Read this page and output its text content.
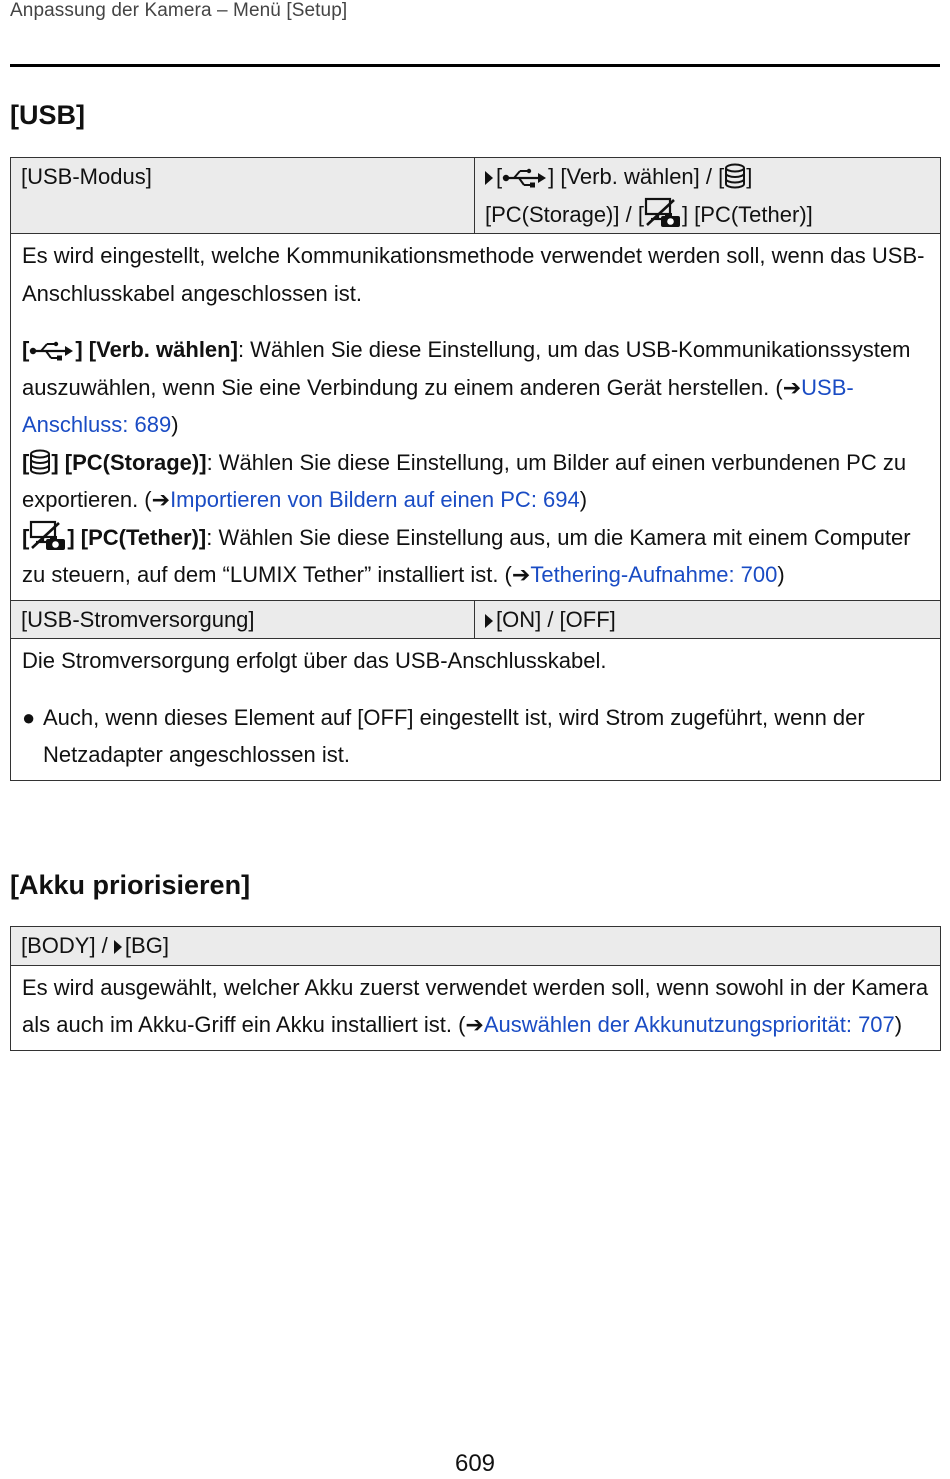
Anpassung der Kamera – Menü [Setup]
[USB]
[USB-Modus]	[ ] [Verb. wählen] / [ ]
[PC(Storage)] / [ ] [PC(Tether)]

Es wird eingestellt, welche Kommunikationsmethode verwendet werden soll, wenn das USB-Anschlusskabel angeschlossen ist.

[ ] [Verb. wählen]: Wählen Sie diese Einstellung, um das USB-Kommunikationssystem auszuwählen, wenn Sie eine Verbindung zu einem anderen Gerät herstellen. (➔USB-Anschluss: 689)

[ ] [PC(Storage)]: Wählen Sie diese Einstellung, um Bilder auf einen verbundenen PC zu exportieren. (➔Importieren von Bildern auf einen PC: 694)

[ ] [PC(Tether)]: Wählen Sie diese Einstellung aus, um die Kamera mit einem Computer zu steuern, auf dem “LUMIX Tether” installiert ist. (➔Tethering-Aufnahme: 700)	

[USB-Stromversorgung]	[ON] / [OFF]

Die Stromversorgung erfolgt über das USB-Anschlusskabel.

● Auch, wenn dieses Element auf [OFF] eingestellt ist, wird Strom zugeführt, wenn der Netzadapter angeschlossen ist.	
[Akku priorisieren]
[BODY] / [BG]

Es wird ausgewählt, welcher Akku zuerst verwendet werden soll, wenn sowohl in der Kamera als auch im Akku-Griff ein Akku installiert ist. (➔Auswählen der Akkunutzungspriorität: 707)

609
